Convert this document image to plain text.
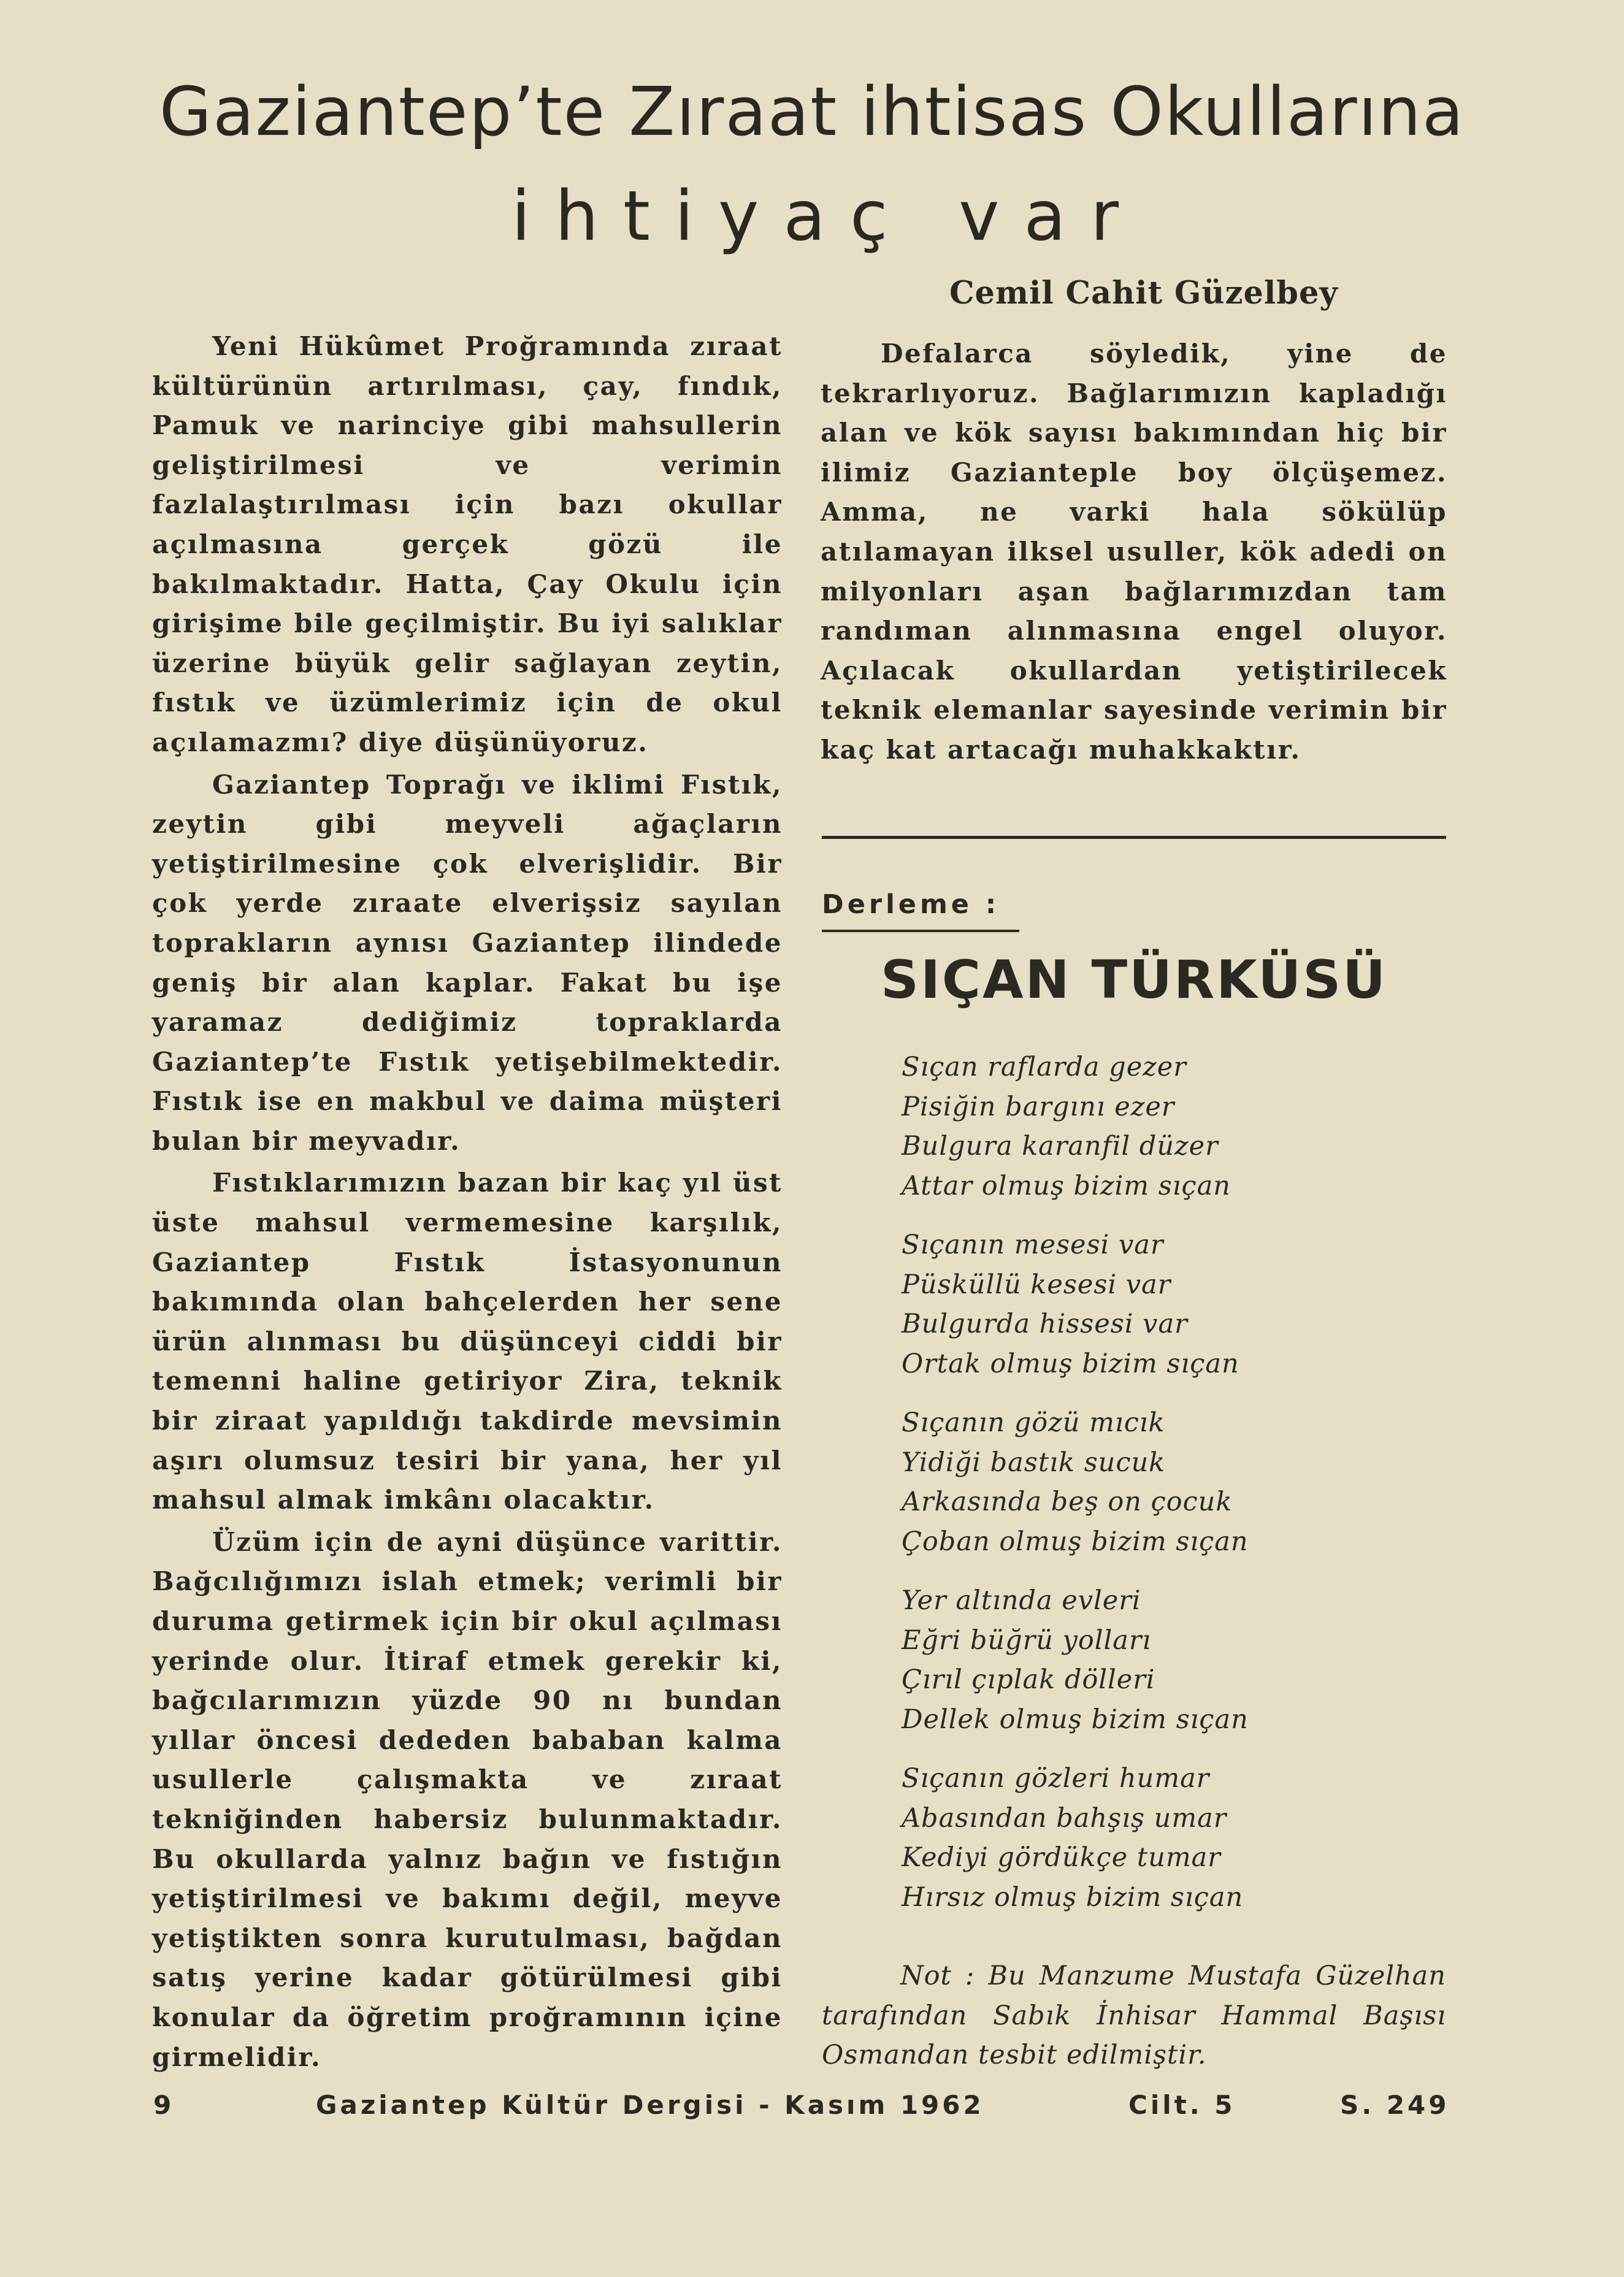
Gaziantep’te Zıraat ihtisas Okullarına
ihtiyaç var
Cemil Cahit Güzelbey

Yeni Hükûmet Proğramında zıraat kültürünün artırılması, çay, fındık, Pamuk ve narinciye gibi mahsullerin geliştirilmesi ve verimin fazlalaştırılması için bazı okullar açılmasına gerçek gözü ile bakılmaktadır. Hatta, Çay Okulu için girişime bile geçilmiştir. Bu iyi salıklar üzerine büyük gelir sağlayan zeytin, fıstık ve üzümlerimiz için de okul açılamazmı? diye düşünüyoruz.

Gaziantep Toprağı ve iklimi Fıstık, zeytin gibi meyveli ağaçların yetiştirilmesine çok elverişlidir. Bir çok yerde zıraate elverişsiz sayılan toprakların aynısı Gaziantep ilindede geniş bir alan kaplar. Fakat bu işe yaramaz dediğimiz topraklarda Gaziantep’te Fıstık yetişebilmektedir. Fıstık ise en makbul ve daima müşteri bulan bir meyvadır.

Fıstıklarımızın bazan bir kaç yıl üst üste mahsul vermemesine karşılık, Gaziantep Fıstık İstasyonunun bakımında olan bahçelerden her sene ürün alınması bu düşünceyi ciddi bir temenni haline getiriyor Zira, teknik bir ziraat yapıldığı takdirde mevsimin aşırı olumsuz tesiri bir yana, her yıl mahsul almak imkânı olacaktır.

Üzüm için de ayni düşünce varittir. Bağcılığımızı islah etmek; verimli bir duruma getirmek için bir okul açılması yerinde olur. İtiraf etmek gerekir ki, bağcılarımızın yüzde 90 nı bundan yıllar öncesi dededen bababan kalma usullerle çalışmakta ve zıraat tekniğinden habersiz bulunmaktadır. Bu okullarda yalnız bağın ve fıstığın yetiştirilmesi ve bakımı değil, meyve yetiştikten sonra kurutulması, bağdan satış yerine kadar götürülmesi gibi konular da öğretim proğramının içine girmelidir.

Defalarca söyledik, yine de tekrarlıyoruz. Bağlarımızın kapladığı alan ve kök sayısı bakımından hiç bir ilimiz Gazianteple boy ölçüşemez. Amma, ne varki hala sökülüp atılamayan ilksel usuller, kök adedi on milyonları aşan bağlarımızdan tam randıman alınmasına engel oluyor. Açılacak okullardan yetiştirilecek teknik elemanlar sayesinde verimin bir kaç kat artacağı muhakkaktır.

Derleme :
SIÇAN TÜRKÜSÜ
Sıçan raflarda gezer
Pisiğin bargını ezer
Bulgura karanfil düzer
Attar olmuş bizim sıçan
Sıçanın mesesi var
Püsküllü kesesi var
Bulgurda hissesi var
Ortak olmuş bizim sıçan
Sıçanın gözü mıcık
Yidiği bastık sucuk
Arkasında beş on çocuk
Çoban olmuş bizim sıçan
Yer altında evleri
Eğri büğrü yolları
Çırıl çıplak dölleri
Dellek olmuş bizim sıçan
Sıçanın gözleri humar
Abasından bahşış umar
Kediyi gördükçe tumar
Hırsız olmuş bizim sıçan

Not : Bu Manzume Mustafa Güzelhan tarafından Sabık İnhisar Hammal Başısı Osmandan tesbit edilmiştir.

9	Gaziantep Kültür Dergisi - Kasım 1962	Cilt. 5	S. 249
